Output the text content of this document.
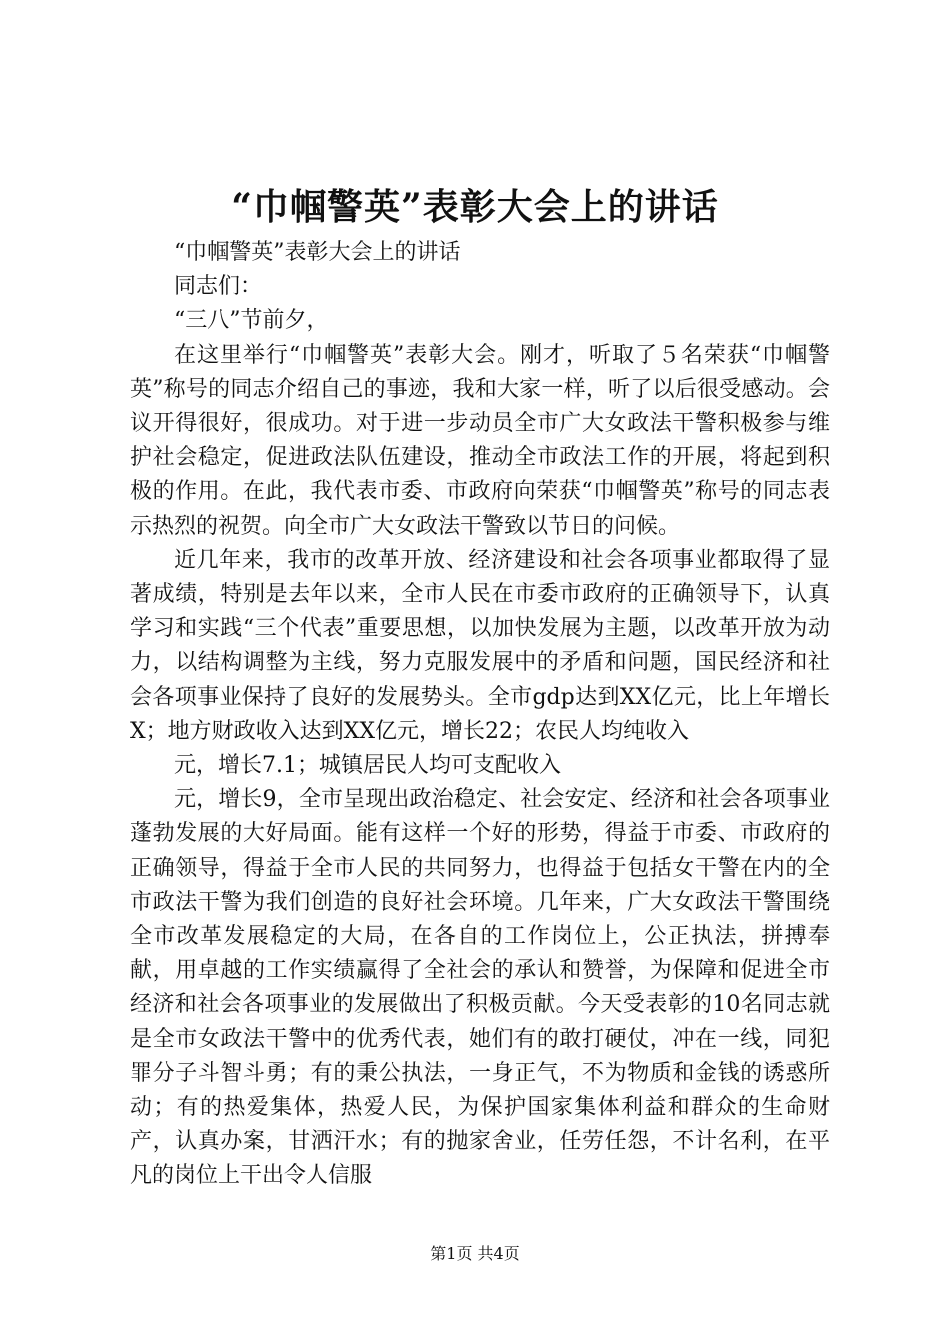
“巾帼警英”表彰大会上的讲话

“巾帼警英”表彰大会上的讲话

同志们：

“三八”节前夕，

在这里举行“巾帼警英”表彰大会。刚才，听取了５名荣获“巾帼警英”称号的同志介绍自己的事迹，我和大家一样，听了以后很受感动。会议开得很好，很成功。对于进一步动员全市广大女政法干警积极参与维护社会稳定，促进政法队伍建设，推动全市政法工作的开展，将起到积极的作用。在此，我代表市委、市政府向荣获“巾帼警英”称号的同志表示热烈的祝贺。向全市广大女政法干警致以节日的问候。

近几年来，我市的改革开放、经济建设和社会各项事业都取得了显著成绩，特别是去年以来，全市人民在市委市政府的正确领导下，认真学习和实践“三个代表”重要思想，以加快发展为主题，以改革开放为动力，以结构调整为主线，努力克服发展中的矛盾和问题，国民经济和社会各项事业保持了良好的发展势头。全市gdp达到XX亿元，比上年增长X；地方财政收入达到XX亿元，增长22；农民人均纯收入

元，增长7.1；城镇居民人均可支配收入

元，增长9，全市呈现出政治稳定、社会安定、经济和社会各项事业蓬勃发展的大好局面。能有这样一个好的形势，得益于市委、市政府的正确领导，得益于全市人民的共同努力，也得益于包括女干警在内的全市政法干警为我们创造的良好社会环境。几年来，广大女政法干警围绕全市改革发展稳定的大局，在各自的工作岗位上，公正执法，拼搏奉献，用卓越的工作实绩赢得了全社会的承认和赞誉，为保障和促进全市经济和社会各项事业的发展做出了积极贡献。今天受表彰的10名同志就是全市女政法干警中的优秀代表，她们有的敢打硬仗，冲在一线，同犯罪分子斗智斗勇；有的秉公执法，一身正气，不为物质和金钱的诱惑所动；有的热爱集体，热爱人民，为保护国家集体利益和群众的生命财产，认真办案，甘洒汗水；有的抛家舍业，任劳任怨，不计名利，在平凡的岗位上干出令人信服

第1页 共4页
